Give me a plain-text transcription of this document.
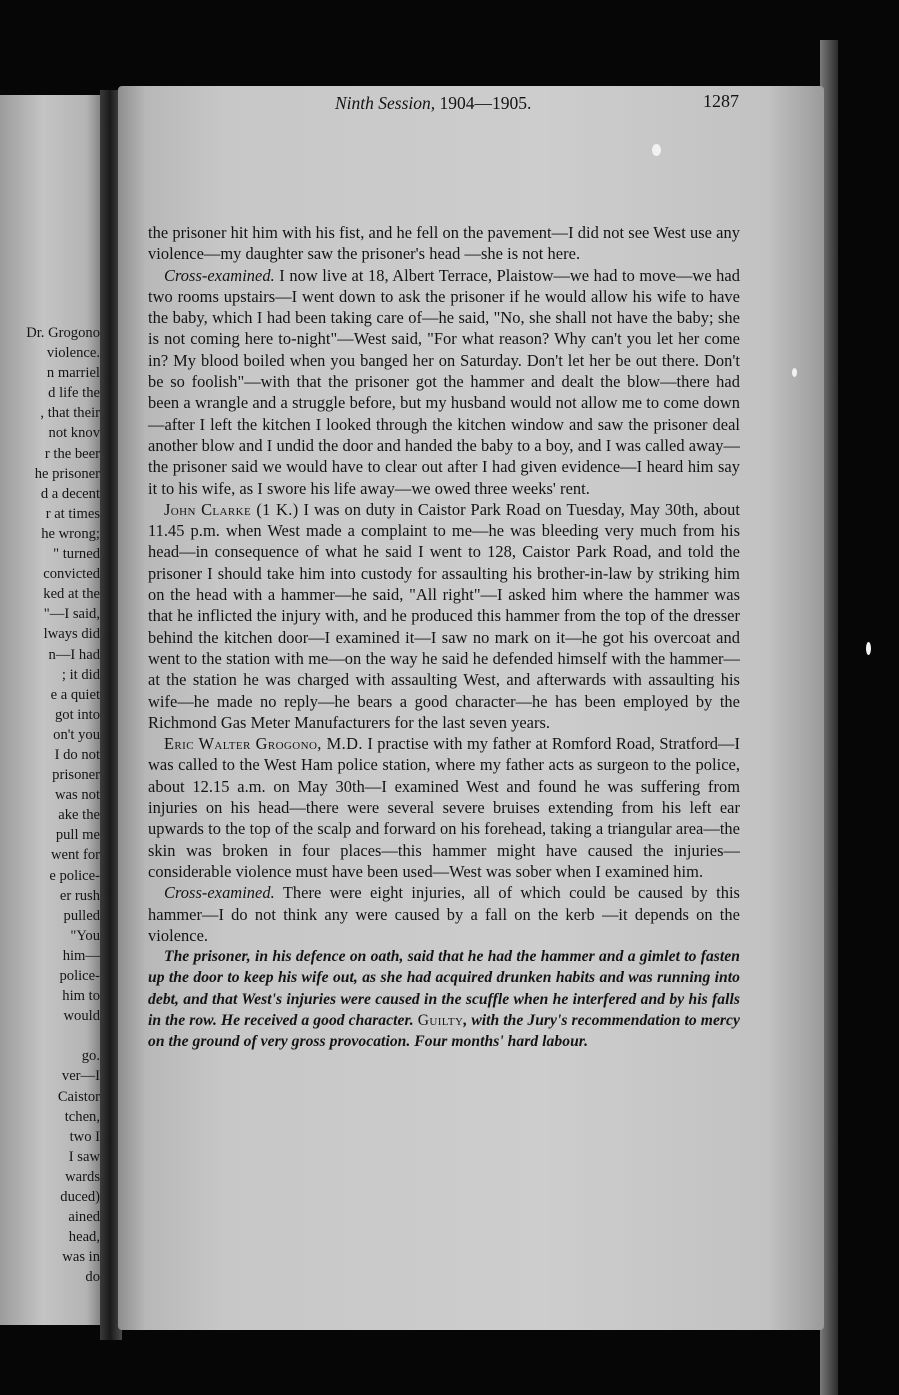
Dr. Grogono
violence.
n marriel
d life the
, that their
not knov
r the beer
he prisoner
d a decent
r at times
he wrong;
" turned
convicted
ked at the
"—I said,
lways did
n—I had
; it did
e a quiet
got into
on't you
I do not
prisoner
was not
ake the
pull me
went for
e police-
er rush
pulled
"You
him—
police-
him to
would
go.
ver—I
Caistor
tchen,
two I
I saw
wards
duced)
ained
head,
was in
do

the prisoner hit him with his fist, and he fell on the pavement—I did not see West use any violence—my daughter saw the prisoner's head —she is not here.

Cross-examined. I now live at 18, Albert Terrace, Plaistow—we had to move—we had two rooms upstairs—I went down to ask the prisoner if he would allow his wife to have the baby, which I had been taking care of—he said, "No, she shall not have the baby; she is not coming here to-night"—West said, "For what reason? Why can't you let her come in? My blood boiled when you banged her on Saturday. Don't let her be out there. Don't be so foolish"—with that the prisoner got the hammer and dealt the blow—there had been a wrangle and a struggle before, but my husband would not allow me to come down—after I left the kitchen I looked through the kitchen window and saw the prisoner deal another blow and I undid the door and handed the baby to a boy, and I was called away—the prisoner said we would have to clear out after I had given evidence—I heard him say it to his wife, as I swore his life away—we owed three weeks' rent.

John Clarke (1 K.) I was on duty in Caistor Park Road on Tuesday, May 30th, about 11.45 p.m. when West made a complaint to me—he was bleeding very much from his head—in consequence of what he said I went to 128, Caistor Park Road, and told the prisoner I should take him into custody for assaulting his brother-in-law by striking him on the head with a hammer—he said, "All right"—I asked him where the hammer was that he inflicted the injury with, and he produced this hammer from the top of the dresser behind the kitchen door—I examined it—I saw no mark on it—he got his overcoat and went to the station with me—on the way he said he defended himself with the hammer—at the station he was charged with assaulting West, and afterwards with assaulting his wife—he made no reply—he bears a good character—he has been employed by the Richmond Gas Meter Manufacturers for the last seven years.

Eric Walter Grogono, M.D. I practise with my father at Romford Road, Stratford—I was called to the West Ham police station, where my father acts as surgeon to the police, about 12.15 a.m. on May 30th—I examined West and found he was suffering from injuries on his head—there were several severe bruises extending from his left ear upwards to the top of the scalp and forward on his forehead, taking a triangular area—the skin was broken in four places—this hammer might have caused the injuries—considerable violence must have been used—West was sober when I examined him.

Cross-examined. There were eight injuries, all of which could be caused by this hammer—I do not think any were caused by a fall on the kerb —it depends on the violence.

The prisoner, in his defence on oath, said that he had the hammer and a gimlet to fasten up the door to keep his wife out, as she had acquired drunken habits and was running into debt, and that West's injuries were caused in the scuffle when he interfered and by his falls in the row. He received a good character. Guilty, with the Jury's recommendation to mercy on the ground of very gross provocation. Four months' hard labour.

Ninth Session, 1904—1905.	1287
